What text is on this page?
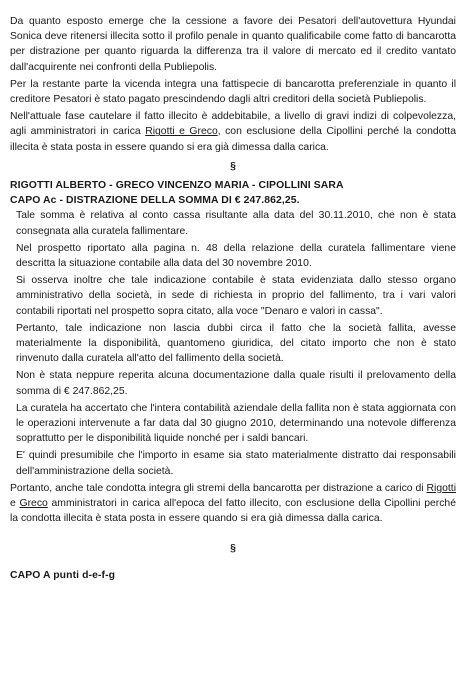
Da quanto esposto emerge che la cessione a favore dei Pesatori dell'autovettura Hyundai Sonica deve ritenersi illecita sotto il profilo penale in quanto qualificabile come fatto di bancarotta per distrazione per quanto riguarda la differenza tra il valore di mercato ed il credito vantato dall'acquirente nei confronti della Publiepolis.

Per la restante parte la vicenda integra una fattispecie di bancarotta preferenziale in quanto il creditore Pesatori è stato pagato prescindendo dagli altri creditori della società Publiepolis.

Nell'attuale fase cautelare il fatto illecito è addebitabile, a livello di gravi indizi di colpevolezza, agli amministratori in carica Rigotti e Greco, con esclusione della Cipollini perché la condotta illecita è stata posta in essere quando si era già dimessa dalla carica.

§

RIGOTTI ALBERTO - GRECO VINCENZO MARIA - CIPOLLINI SARA

CAPO Ac - DISTRAZIONE DELLA SOMMA DI € 247.862,25.

Tale somma è relativa al conto cassa risultante alla data del 30.11.2010, che non è stata consegnata alla curatela fallimentare.

Nel prospetto riportato alla pagina n. 48 della relazione della curatela fallimentare viene descritta la situazione contabile alla data del 30 novembre 2010.

Si osserva inoltre che tale indicazione contabile è stata evidenziata dallo stesso organo amministrativo della società, in sede di richiesta in proprio del fallimento, tra i vari valori contabili riportati nel prospetto sopra citato, alla voce "Denaro e valori in cassa".

Pertanto, tale indicazione non lascia dubbi circa il fatto che la società fallita, avesse materialmente la disponibilità, quantomeno giuridica, del citato importo che non è stato rinvenuto dalla curatela all'atto del fallimento della società.

Non è stata neppure reperita alcuna documentazione dalla quale risulti il prelovamento della somma di € 247.862,25.

La curatela ha accertato che l'intera contabilità aziendale della fallita non è stata aggiornata con le operazioni intervenute a far data dal 30 giugno 2010, determinando una notevole differenza soprattutto per le disponibilità liquide nonché per i saldi bancari.

E' quindi presumibile che l'importo in esame sia stato materialmente distratto dai responsabili dell'amministrazione della società.

Portanto, anche tale condotta integra gli stremi della bancarotta per distrazione a carico di Rigotti e Greco amministratori in carica all'epoca del fatto illecito, con esclusione della Cipollini perché la condotta illecita è stata posta in essere quando si era già dimessa dalla carica.

§

CAPO A punti d-e-f-g
